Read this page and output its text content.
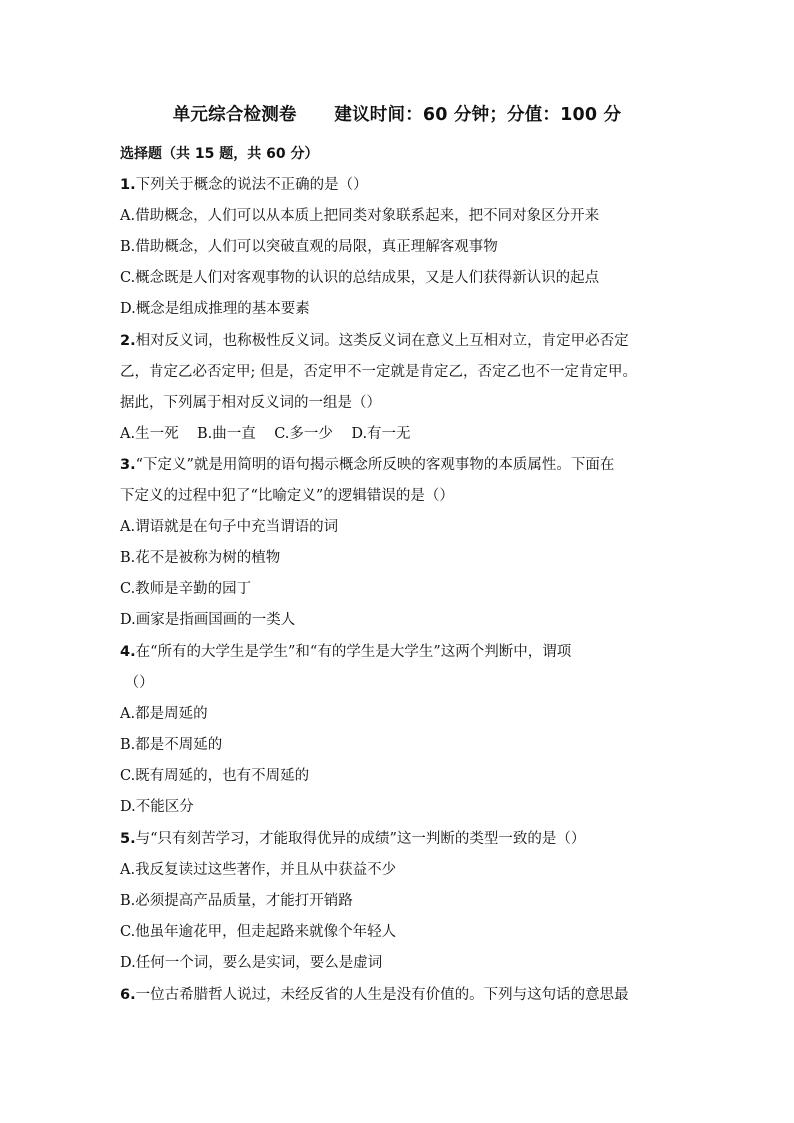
单元综合检测卷      建议时间：60 分钟；分值：100 分
选择题（共 15 题，共 60 分）
1.下列关于概念的说法不正确的是（）
A.借助概念，人们可以从本质上把同类对象联系起来，把不同对象区分开来
B.借助概念，人们可以突破直观的局限，真正理解客观事物
C.概念既是人们对客观事物的认识的总结成果，又是人们获得新认识的起点
D.概念是组成推理的基本要素
2.相对反义词，也称极性反义词。这类反义词在意义上互相对立，肯定甲必否定
乙，肯定乙必否定甲; 但是，否定甲不一定就是肯定乙，否定乙也不一定肯定甲。
据此，下列属于相对反义词的一组是（）
A.生一死    B.曲一直    C.多一少    D.有一无
3.“下定义”就是用简明的语句揭示概念所反映的客观事物的本质属性。下面在
下定义的过程中犯了“比喻定义”的逻辑错误的是（）
A.谓语就是在句子中充当谓语的词
B.花不是被称为树的植物
C.教师是辛勤的园丁
D.画家是指画国画的一类人
4.在“所有的大学生是学生”和“有的学生是大学生”这两个判断中，谓项
（）
A.都是周延的
B.都是不周延的
C.既有周延的，也有不周延的
D.不能区分
5.与“只有刻苦学习，才能取得优异的成绩”这一判断的类型一致的是（）
A.我反复读过这些著作，并且从中获益不少
B.必须提高产品质量，才能打开销路
C.他虽年逾花甲，但走起路来就像个年轻人
D.任何一个词，要么是实词，要么是虚词
6.一位古希腊哲人说过，未经反省的人生是没有价值的。下列与这句话的意思最
